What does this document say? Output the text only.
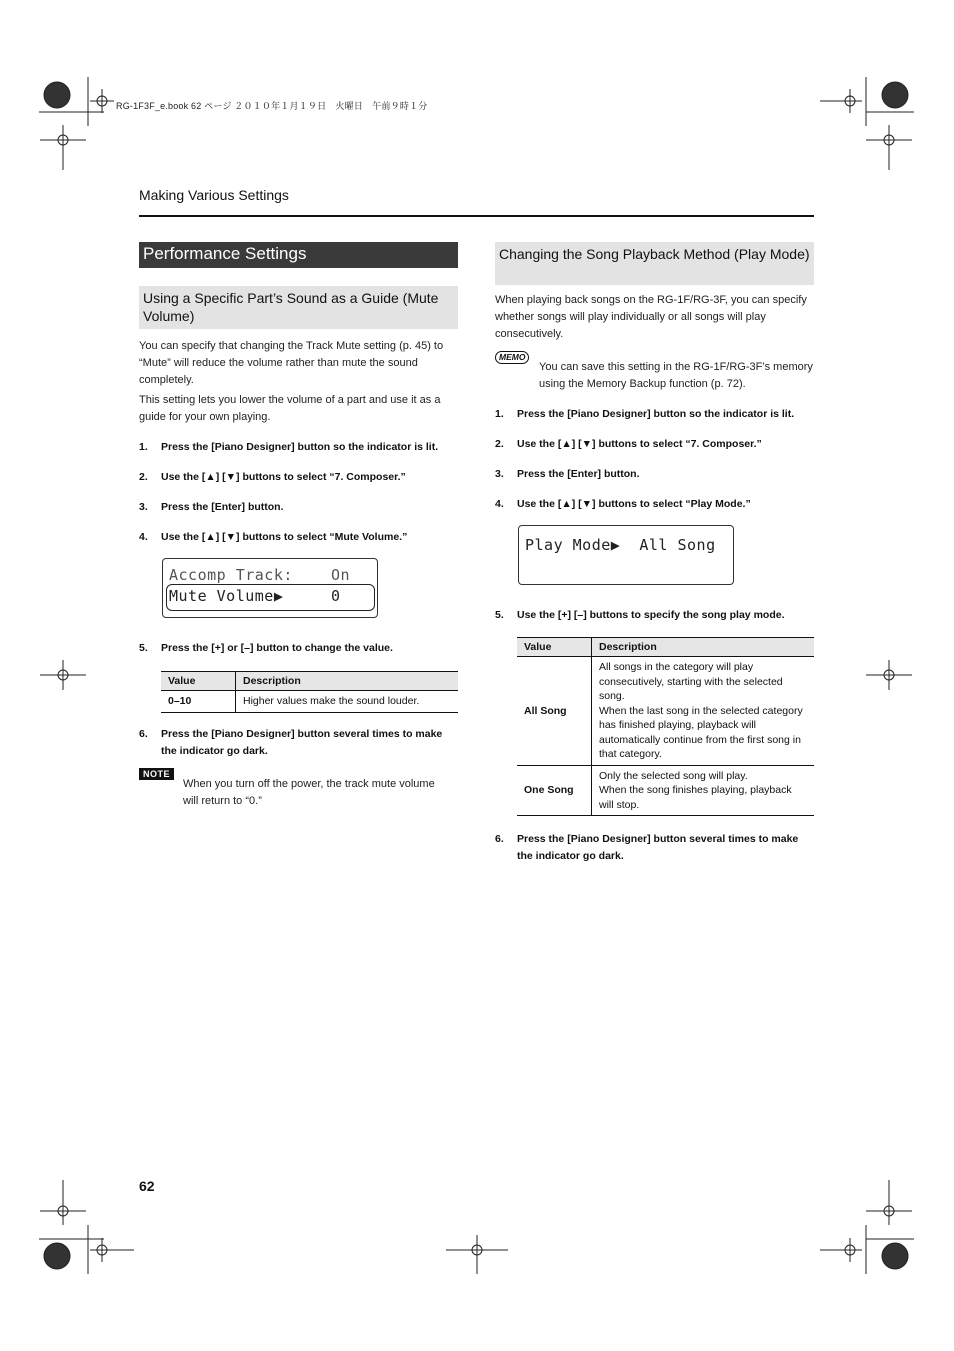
RG-1F3F_e.book 62 ページ ２０１０年１月１９日　火曜日　午前９時１分
Making Various Settings
Performance Settings
Using a Specific Part’s Sound as a Guide (Mute Volume)
You can specify that changing the Track Mute setting (p. 45) to “Mute” will reduce the volume rather than mute the sound completely.
This setting lets you lower the volume of a part and use it as a guide for your own playing.
1. Press the [Piano Designer] button so the indicator is lit.
2. Use the [▲] [▼] buttons to select “7. Composer.”
3. Press the [Enter] button.
4. Use the [▲] [▼] buttons to select “Mute Volume.”
Accomp Track:    On
Mute Volume▶     0
5. Press the [+] or [–] button to change the value.
Value	Description
0–10	Higher values make the sound louder.
6. Press the [Piano Designer] button several times to make the indicator go dark.
NOTE
When you turn off the power, the track mute volume will return to “0.”
Changing the Song Playback Method (Play Mode)
When playing back songs on the RG-1F/RG-3F, you can specify whether songs will play individually or all songs will play consecutively.
MEMO
You can save this setting in the RG-1F/RG-3F’s memory using the Memory Backup function (p. 72).
1. Press the [Piano Designer] button so the indicator is lit.
2. Use the [▲] [▼] buttons to select “7. Composer.”
3. Press the [Enter] button.
4. Use the [▲] [▼] buttons to select “Play Mode.”
Play Mode▶  All Song
5. Use the [+] [–] buttons to specify the song play mode.
Value	Description
All Song	All songs in the category will play consecutively, starting with the selected song.
When the last song in the selected category has finished playing, playback will automatically continue from the first song in that category.
One Song	Only the selected song will play.
When the song finishes playing, playback will stop.
6. Press the [Piano Designer] button several times to make the indicator go dark.
62
